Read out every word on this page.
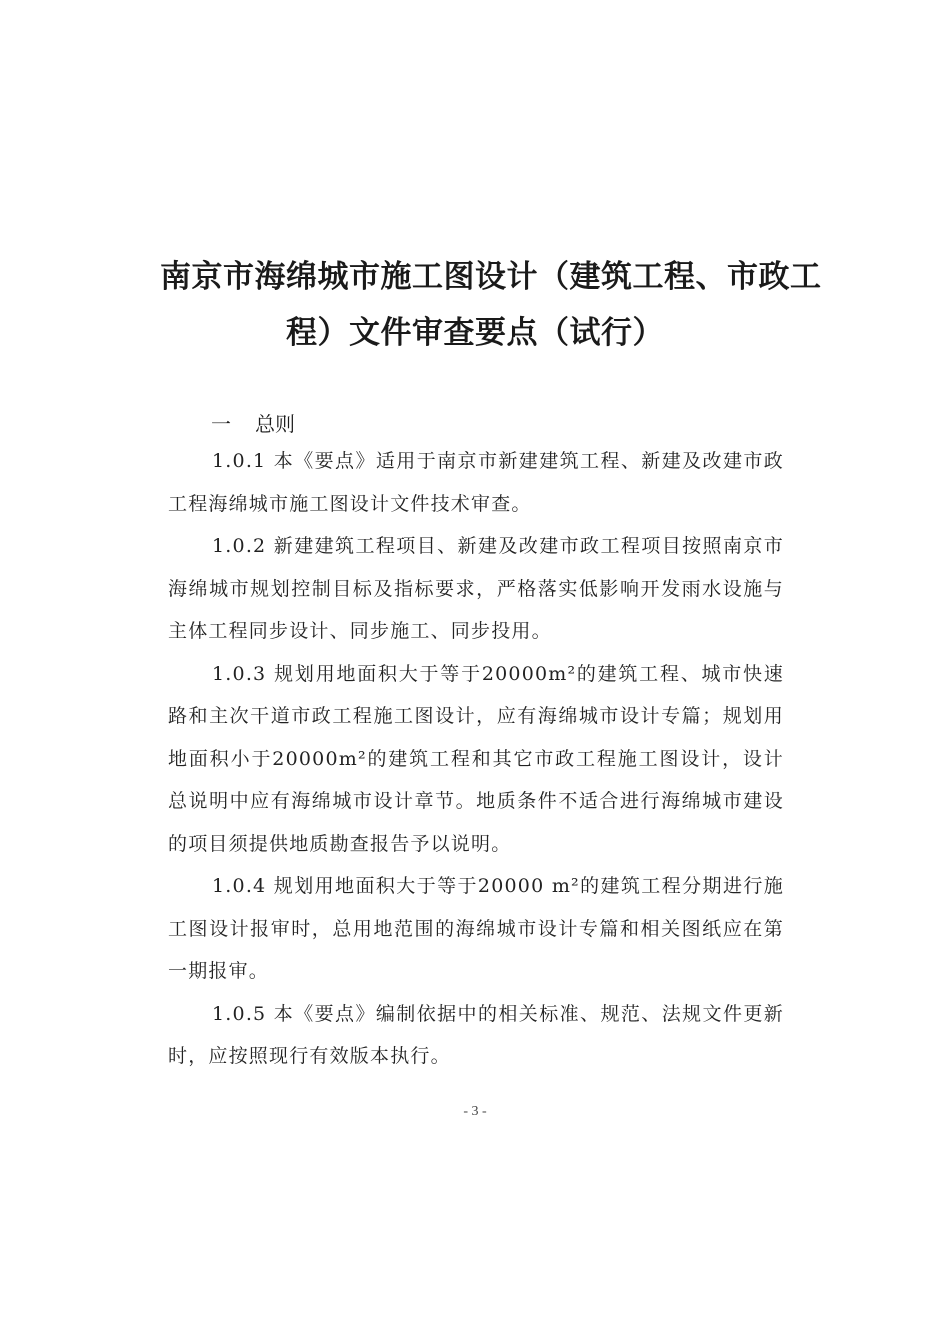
南京市海绵城市施工图设计（建筑工程、市政工
程）文件审查要点（试行）
一 总则

1.0.1 本《要点》适用于南京市新建建筑工程、新建及改建市政工程海绵城市施工图设计文件技术审查。

1.0.2 新建建筑工程项目、新建及改建市政工程项目按照南京市海绵城市规划控制目标及指标要求，严格落实低影响开发雨水设施与主体工程同步设计、同步施工、同步投用。

1.0.3 规划用地面积大于等于20000m²的建筑工程、城市快速路和主次干道市政工程施工图设计，应有海绵城市设计专篇；规划用地面积小于20000m²的建筑工程和其它市政工程施工图设计，设计总说明中应有海绵城市设计章节。地质条件不适合进行海绵城市建设的项目须提供地质勘查报告予以说明。

1.0.4 规划用地面积大于等于20000 m²的建筑工程分期进行施工图设计报审时，总用地范围的海绵城市设计专篇和相关图纸应在第一期报审。

1.0.5 本《要点》编制依据中的相关标准、规范、法规文件更新时，应按照现行有效版本执行。

- 3 -
